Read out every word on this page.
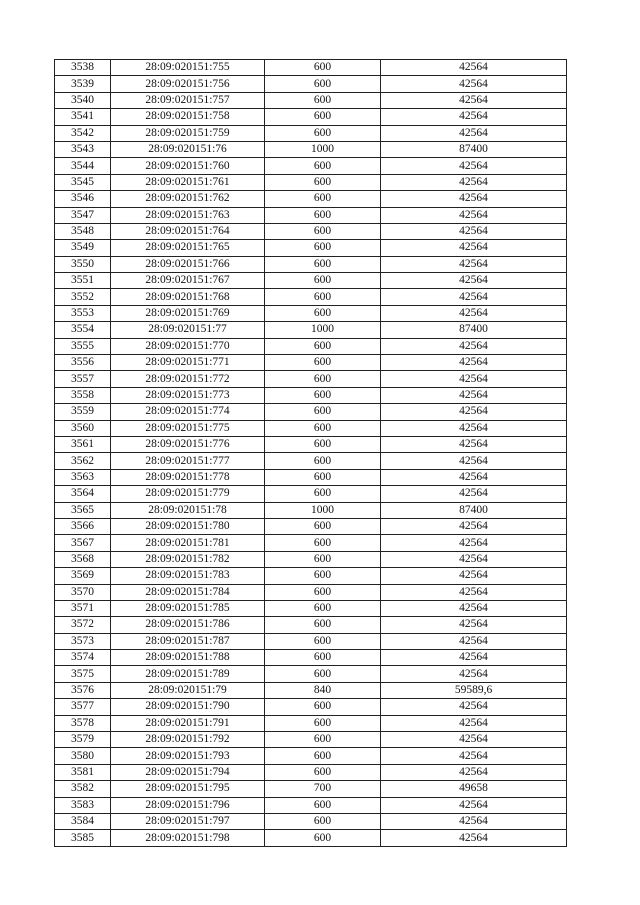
3538	28:09:020151:755	600	42564
3539	28:09:020151:756	600	42564
3540	28:09:020151:757	600	42564
3541	28:09:020151:758	600	42564
3542	28:09:020151:759	600	42564
3543	28:09:020151:76	1000	87400
3544	28:09:020151:760	600	42564
3545	28:09:020151:761	600	42564
3546	28:09:020151:762	600	42564
3547	28:09:020151:763	600	42564
3548	28:09:020151:764	600	42564
3549	28:09:020151:765	600	42564
3550	28:09:020151:766	600	42564
3551	28:09:020151:767	600	42564
3552	28:09:020151:768	600	42564
3553	28:09:020151:769	600	42564
3554	28:09:020151:77	1000	87400
3555	28:09:020151:770	600	42564
3556	28:09:020151:771	600	42564
3557	28:09:020151:772	600	42564
3558	28:09:020151:773	600	42564
3559	28:09:020151:774	600	42564
3560	28:09:020151:775	600	42564
3561	28:09:020151:776	600	42564
3562	28:09:020151:777	600	42564
3563	28:09:020151:778	600	42564
3564	28:09:020151:779	600	42564
3565	28:09:020151:78	1000	87400
3566	28:09:020151:780	600	42564
3567	28:09:020151:781	600	42564
3568	28:09:020151:782	600	42564
3569	28:09:020151:783	600	42564
3570	28:09:020151:784	600	42564
3571	28:09:020151:785	600	42564
3572	28:09:020151:786	600	42564
3573	28:09:020151:787	600	42564
3574	28:09:020151:788	600	42564
3575	28:09:020151:789	600	42564
3576	28:09:020151:79	840	59589,6
3577	28:09:020151:790	600	42564
3578	28:09:020151:791	600	42564
3579	28:09:020151:792	600	42564
3580	28:09:020151:793	600	42564
3581	28:09:020151:794	600	42564
3582	28:09:020151:795	700	49658
3583	28:09:020151:796	600	42564
3584	28:09:020151:797	600	42564
3585	28:09:020151:798	600	42564
